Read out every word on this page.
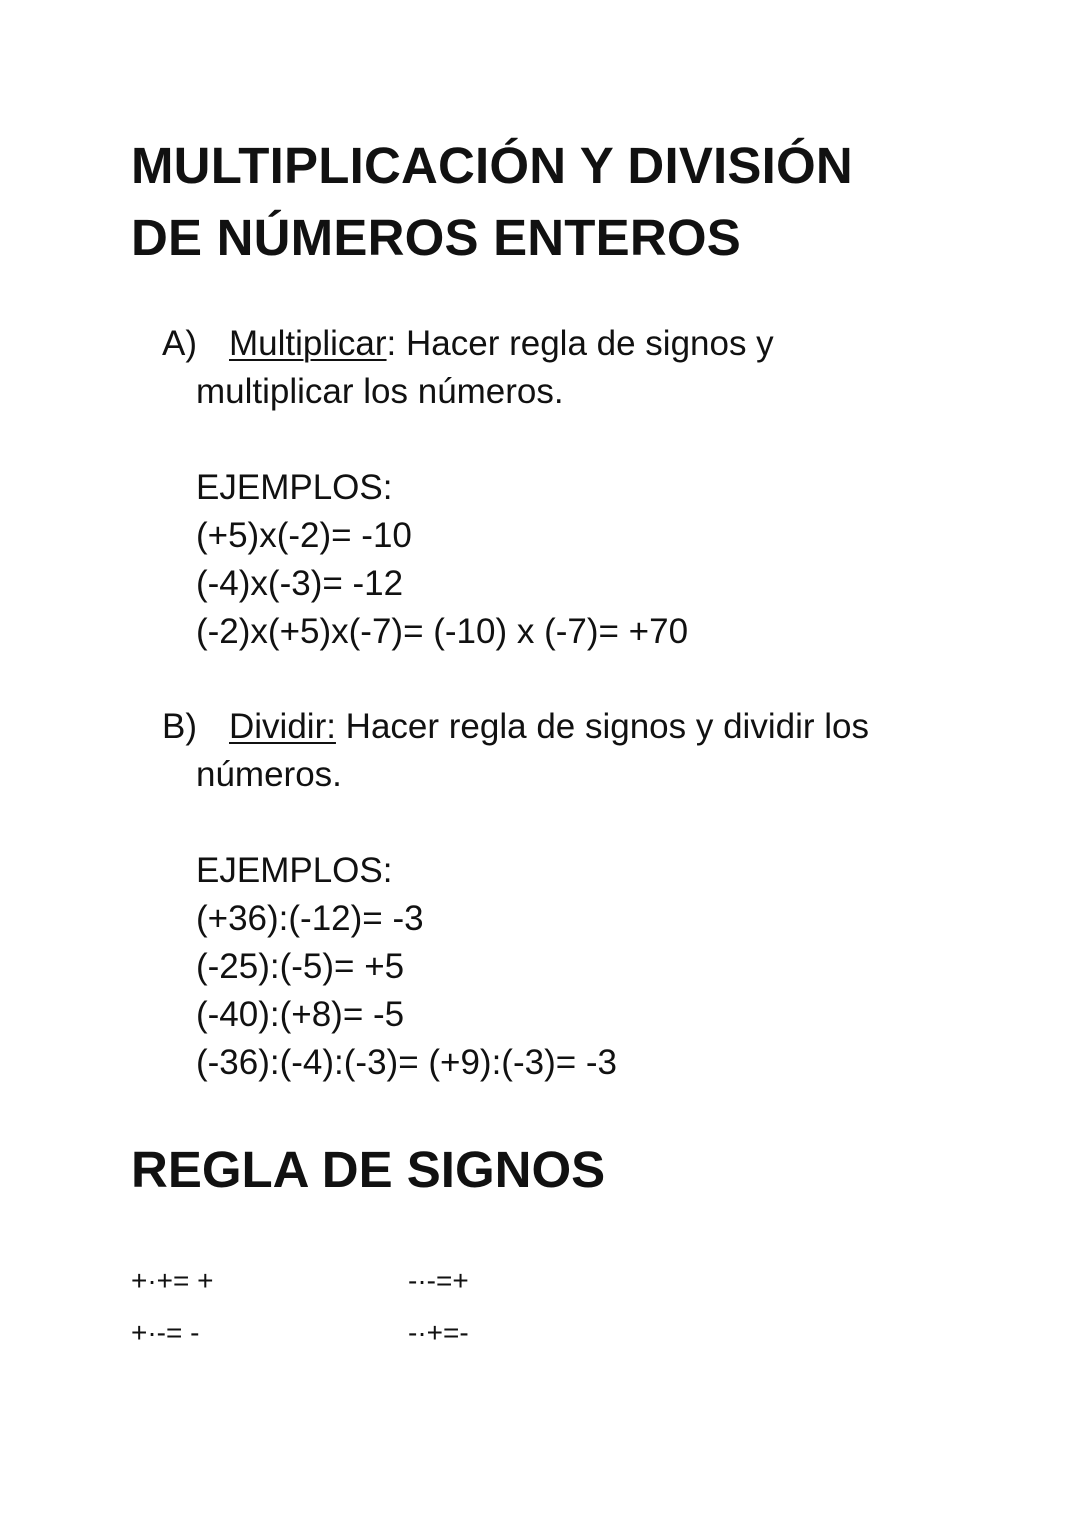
MULTIPLICACIÓN Y DIVISIÓN
DE NÚMEROS ENTEROS
A) Multiplicar: Hacer regla de signos y
multiplicar los números.
EJEMPLOS:
(+5)x(-2)= -10
(-4)x(-3)= -12
(-2)x(+5)x(-7)= (-10) x (-7)= +70
B) Dividir: Hacer regla de signos y dividir los
números.
EJEMPLOS:
(+36):(-12)= -3
(-25):(-5)= +5
(-40):(+8)= -5
(-36):(-4):(-3)= (+9):(-3)= -3
REGLA DE SIGNOS
+·+= +
+·-= -
-·-=+
-·+=-
